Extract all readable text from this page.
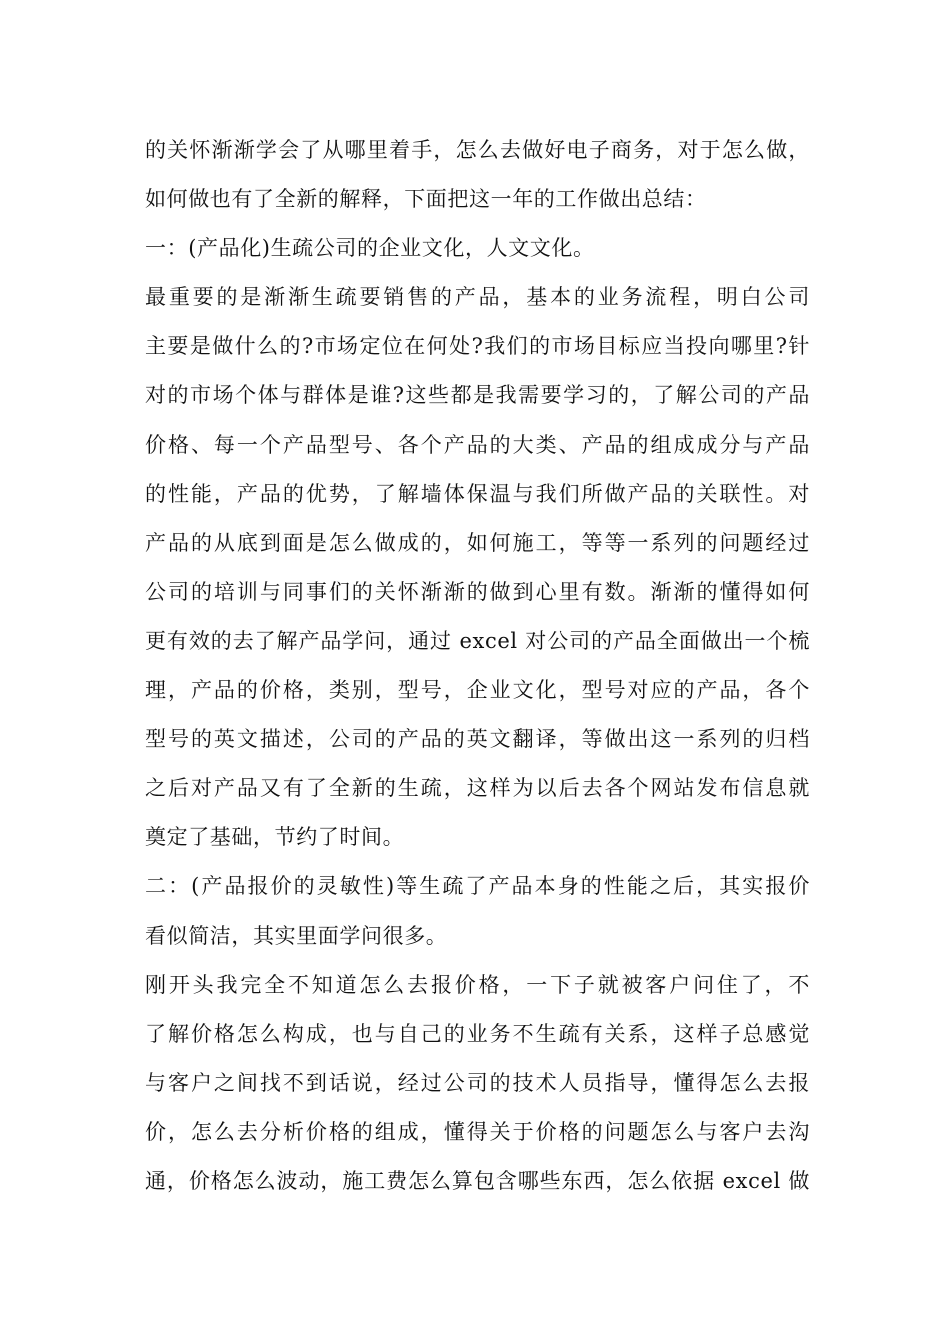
的关怀渐渐学会了从哪里着手，怎么去做好电子商务，对于怎么做，
如何做也有了全新的解释，下面把这一年的工作做出总结：
一：(产品化)生疏公司的企业文化，人文文化。
最重要的是渐渐生疏要销售的产品，基本的业务流程，明白公司
主要是做什么的?市场定位在何处?我们的市场目标应当投向哪里?针
对的市场个体与群体是谁?这些都是我需要学习的，了解公司的产品
价格、每一个产品型号、各个产品的大类、产品的组成成分与产品
的性能，产品的优势，了解墙体保温与我们所做产品的关联性。对
产品的从底到面是怎么做成的，如何施工，等等一系列的问题经过
公司的培训与同事们的关怀渐渐的做到心里有数。渐渐的懂得如何
更有效的去了解产品学问，通过 excel 对公司的产品全面做出一个梳
理，产品的价格，类别，型号，企业文化，型号对应的产品，各个
型号的英文描述，公司的产品的英文翻译，等做出这一系列的归档
之后对产品又有了全新的生疏，这样为以后去各个网站发布信息就
奠定了基础，节约了时间。
二：(产品报价的灵敏性)等生疏了产品本身的性能之后，其实报价
看似简洁，其实里面学问很多。
刚开头我完全不知道怎么去报价格，一下子就被客户问住了，不
了解价格怎么构成，也与自己的业务不生疏有关系，这样子总感觉
与客户之间找不到话说，经过公司的技术人员指导，懂得怎么去报
价，怎么去分析价格的组成，懂得关于价格的问题怎么与客户去沟
通，价格怎么波动，施工费怎么算包含哪些东西，怎么依据 excel 做
